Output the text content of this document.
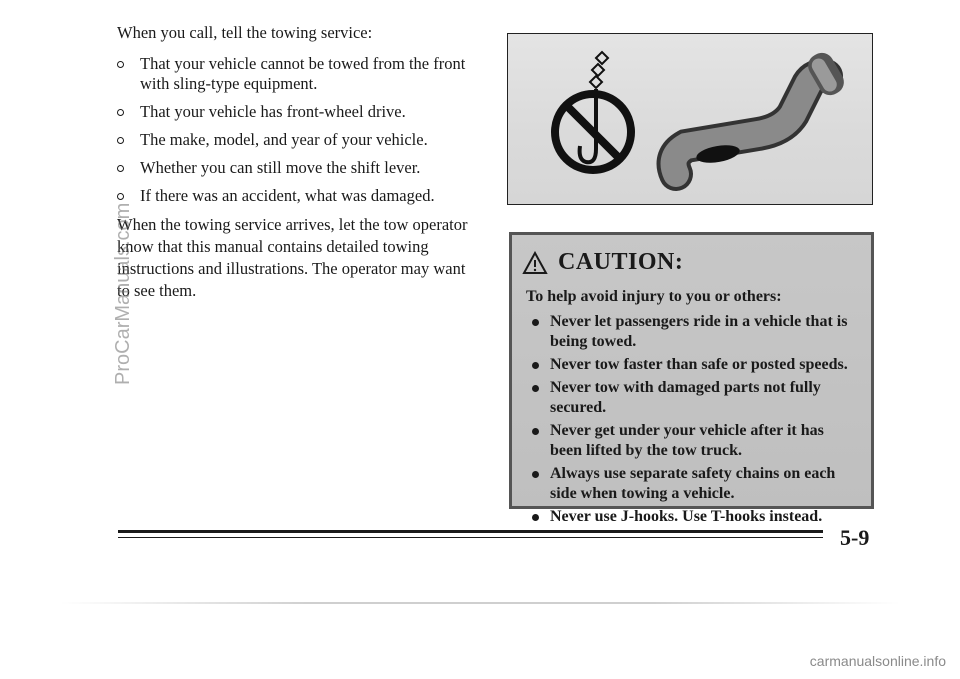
When you call, tell the towing service:

That your vehicle cannot be towed from the front with sling-type equipment.
That your vehicle has front-wheel drive.
The make, model, and year of your vehicle.
Whether you can still move the shift lever.
If there was an accident, what was damaged.

When the towing service arrives, let the tow operator know that this manual contains detailed towing instructions and illustrations. The operator may want to see them.

CAUTION:

To help avoid injury to you or others:

Never let passengers ride in a vehicle that is being towed.
Never tow faster than safe or posted speeds.
Never tow with damaged parts not fully secured.
Never get under your vehicle after it has been lifted by the tow truck.
Always use separate safety chains on each side when towing a vehicle.
Never use J-hooks. Use T-hooks instead.
5-9
ProCarManuals.com
carmanualsonline.info
